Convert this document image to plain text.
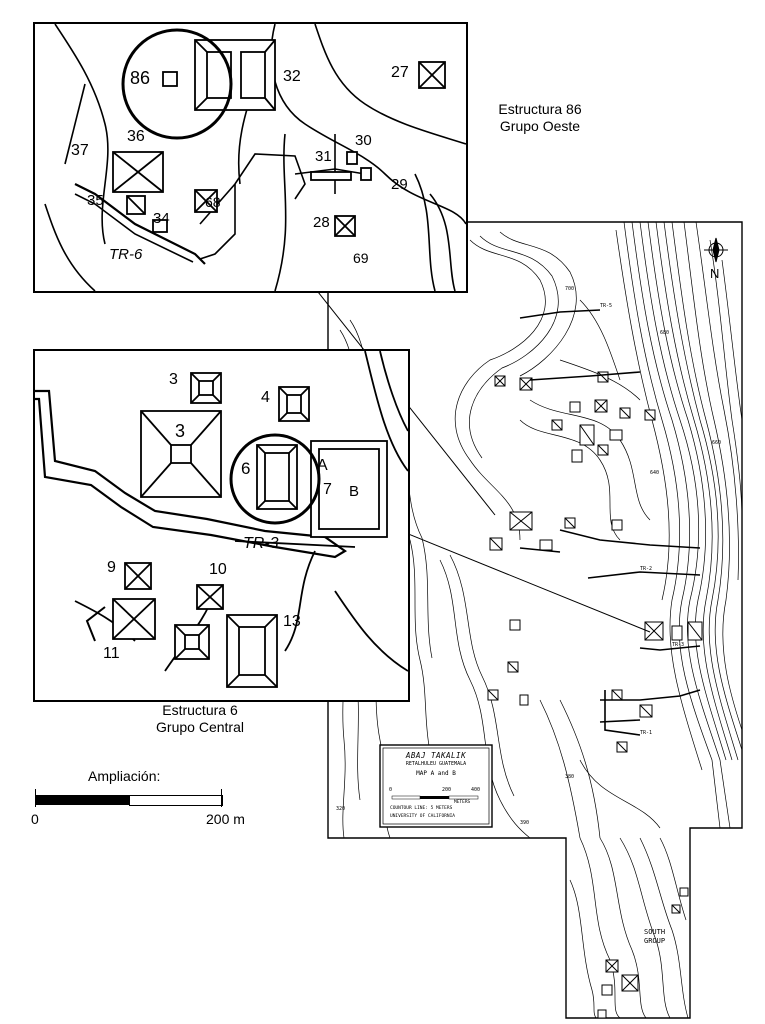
SOUTH
GROUP
TR-5
TR-1
TR-3
TR-2
700
680
660
640
380
390
320
N
ABAJ TAKALIK
RETALHULEU GUATEMALA
MAP A and B
0	200	400
METERS
COUNTOUR LINE: 5 METERS
UNIVERSITY OF CALIFORNIA
86	32	27
36
37
30
31
29
35
34
68
28
69
TR-6
Estructura 86
Grupo Oeste
3
4
3
6	A
7 B
TR-3
9	10
11
13
Estructura 6
Grupo Central
Ampliación:
0	200 m
